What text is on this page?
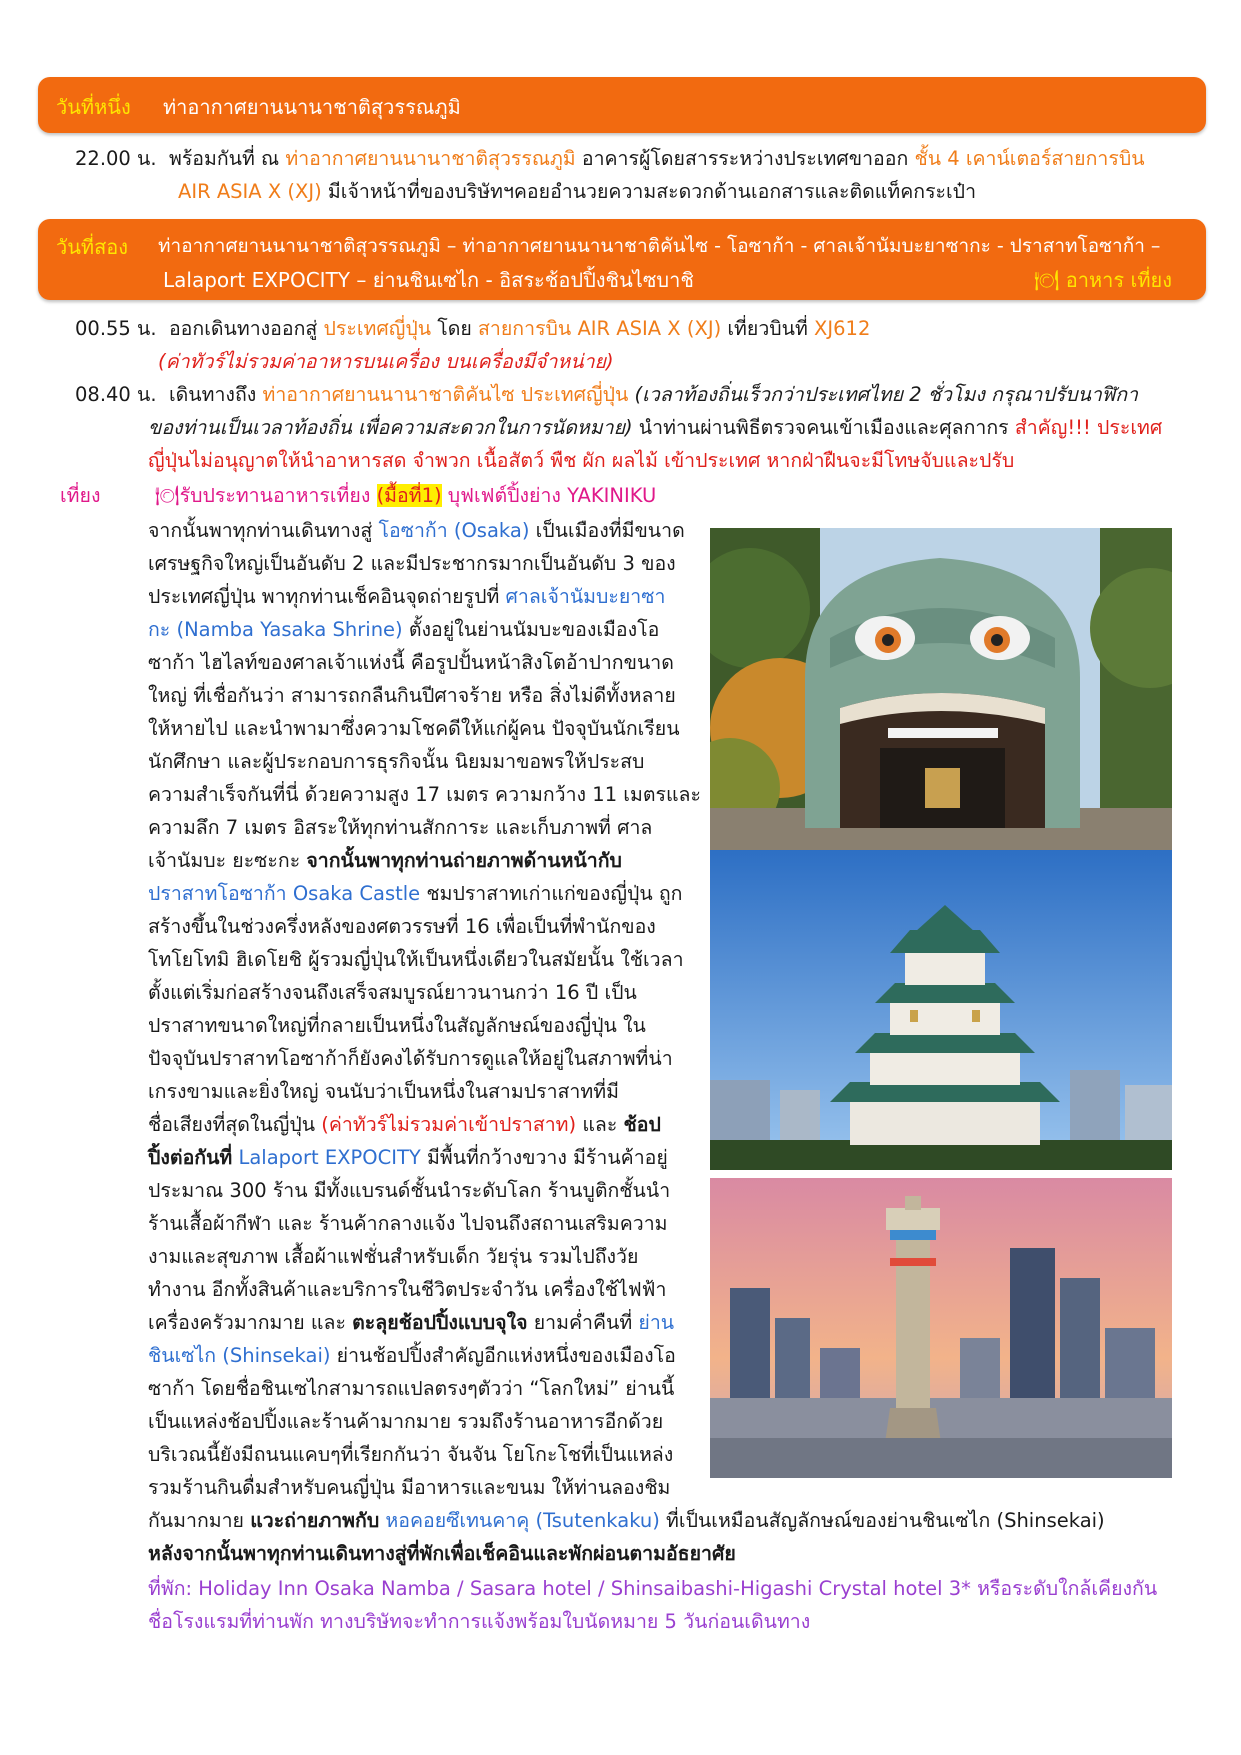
วันที่หนึ่ง ท่าอากาศยานนานาชาติสุวรรณภูมิ
22.00 น. พร้อมกันที่ ณ ท่าอากาศยานนานาชาติสุวรรณภูมิ อาคารผู้โดยสารระหว่างประเทศขาออก ชั้น 4 เคาน์เตอร์สายการบิน
AIR ASIA X (XJ) มีเจ้าหน้าที่ของบริษัทฯคอยอำนวยความสะดวกด้านเอกสารและติดแท็คกระเป๋า
วันที่สอง ท่าอากาศยานนานาชาติสุวรรณภูมิ – ท่าอากาศยานนานาชาติคันไซ - โอซาก้า - ศาลเจ้านัมบะยาซากะ - ปราสาทโอซาก้า –
Lalaport EXPOCITY – ย่านชินเซไก - อิสระช้อปปิ้งชินไซบาชิ	🍽 อาหาร เที่ยง
00.55 น. ออกเดินทางออกสู่ ประเทศญี่ปุ่น โดย สายการบิน AIR ASIA X (XJ) เที่ยวบินที่ XJ612
(ค่าทัวร์ไม่รวมค่าอาหารบนเครื่อง บนเครื่องมีจำหน่าย)
08.40 น. เดินทางถึง ท่าอากาศยานนานาชาติคันไซ ประเทศญี่ปุ่น (เวลาท้องถิ่นเร็วกว่าประเทศไทย 2 ชั่วโมง กรุณาปรับนาฬิกา
ของท่านเป็นเวลาท้องถิ่น เพื่อความสะดวกในการนัดหมาย) นำท่านผ่านพิธีตรวจคนเข้าเมืองและศุลกากร สำคัญ!!! ประเทศ
ญี่ปุ่นไม่อนุญาตให้นำอาหารสด จำพวก เนื้อสัตว์ พืช ผัก ผลไม้ เข้าประเทศ หากฝ่าฝืนจะมีโทษจับและปรับ
เที่ยง	🍽รับประทานอาหารเที่ยง (มื้อที่1) บุฟเฟต์ปิ้งย่าง YAKINIKU
จากนั้นพาทุกท่านเดินทางสู่ โอซาก้า (Osaka) เป็นเมืองที่มีขนาด
เศรษฐกิจใหญ่เป็นอันดับ 2 และมีประชากรมากเป็นอันดับ 3 ของ
ประเทศญี่ปุ่น พาทุกท่านเช็คอินจุดถ่ายรูปที่ ศาลเจ้านัมบะยาซา
กะ (Namba Yasaka Shrine) ตั้งอยู่ในย่านนัมบะของเมืองโอ
ซาก้า ไฮไลท์ของศาลเจ้าแห่งนี้ คือรูปปั้นหน้าสิงโตอ้าปากขนาด
ใหญ่ ที่เชื่อกันว่า สามารถกลืนกินปีศาจร้าย หรือ สิ่งไม่ดีทั้งหลาย
ให้หายไป และนำพามาซึ่งความโชคดีให้แก่ผู้คน ปัจจุบันนักเรียน
นักศึกษา และผู้ประกอบการธุรกิจนั้น นิยมมาขอพรให้ประสบ
ความสำเร็จกันที่นี่ ด้วยความสูง 17 เมตร ความกว้าง 11 เมตรและ
ความลึก 7 เมตร อิสระให้ทุกท่านสักการะ และเก็บภาพที่ ศาล
เจ้านัมบะ ยะซะกะ จากนั้นพาทุกท่านถ่ายภาพด้านหน้ากับ
ปราสาทโอซาก้า Osaka Castle ชมปราสาทเก่าแก่ของญี่ปุ่น ถูก
สร้างขึ้นในช่วงครึ่งหลังของศตวรรษที่ 16 เพื่อเป็นที่พำนักของ
โทโยโทมิ ฮิเดโยชิ ผู้รวมญี่ปุ่นให้เป็นหนึ่งเดียวในสมัยนั้น ใช้เวลา
ตั้งแต่เริ่มก่อสร้างจนถึงเสร็จสมบูรณ์ยาวนานกว่า 16 ปี เป็น
ปราสาทขนาดใหญ่ที่กลายเป็นหนึ่งในสัญลักษณ์ของญี่ปุ่น ใน
ปัจจุบันปราสาทโอซาก้าก็ยังคงได้รับการดูแลให้อยู่ในสภาพที่น่า
เกรงขามและยิ่งใหญ่ จนนับว่าเป็นหนึ่งในสามปราสาทที่มี
ชื่อเสียงที่สุดในญี่ปุ่น (ค่าทัวร์ไม่รวมค่าเข้าปราสาท) และ ช้อป
ปิ้งต่อกันที่ Lalaport EXPOCITY มีพื้นที่กว้างขวาง มีร้านค้าอยู่
ประมาณ 300 ร้าน มีทั้งแบรนด์ชั้นนำระดับโลก ร้านบูติกชั้นนำ
ร้านเสื้อผ้ากีฬา และ ร้านค้ากลางแจ้ง ไปจนถึงสถานเสริมความ
งามและสุขภาพ เสื้อผ้าแฟชั่นสำหรับเด็ก วัยรุ่น รวมไปถึงวัย
ทำงาน อีกทั้งสินค้าและบริการในชีวิตประจำวัน เครื่องใช้ไฟฟ้า
เครื่องครัวมากมาย และ ตะลุยช้อปปิ้งแบบจุใจ ยามค่ำคืนที่ ย่าน
ชินเซไก (Shinsekai) ย่านช้อปปิ้งสำคัญอีกแห่งหนึ่งของเมืองโอ
ซาก้า โดยชื่อชินเซไกสามารถแปลตรงๆตัวว่า “โลกใหม่” ย่านนี้
เป็นแหล่งช้อปปิ้งและร้านค้ามากมาย รวมถึงร้านอาหารอีกด้วย
บริเวณนี้ยังมีถนนแคบๆที่เรียกกันว่า จันจัน โยโกะโชที่เป็นแหล่ง
รวมร้านกินดื่มสำหรับคนญี่ปุ่น มีอาหารและขนม ให้ท่านลองชิม
กันมากมาย แวะถ่ายภาพกับ หอคอยซึเทนคาคุ (Tsutenkaku) ที่เป็นเหมือนสัญลักษณ์ของย่านชินเซไก (Shinsekai)
หลังจากนั้นพาทุกท่านเดินทางสู่ที่พักเพื่อเช็คอินและพักผ่อนตามอัธยาศัย
ที่พัก: Holiday Inn Osaka Namba / Sasara hotel / Shinsaibashi-Higashi Crystal hotel 3* หรือระดับใกล้เคียงกัน
ชื่อโรงแรมที่ท่านพัก ทางบริษัทจะทำการแจ้งพร้อมใบนัดหมาย 5 วันก่อนเดินทาง
